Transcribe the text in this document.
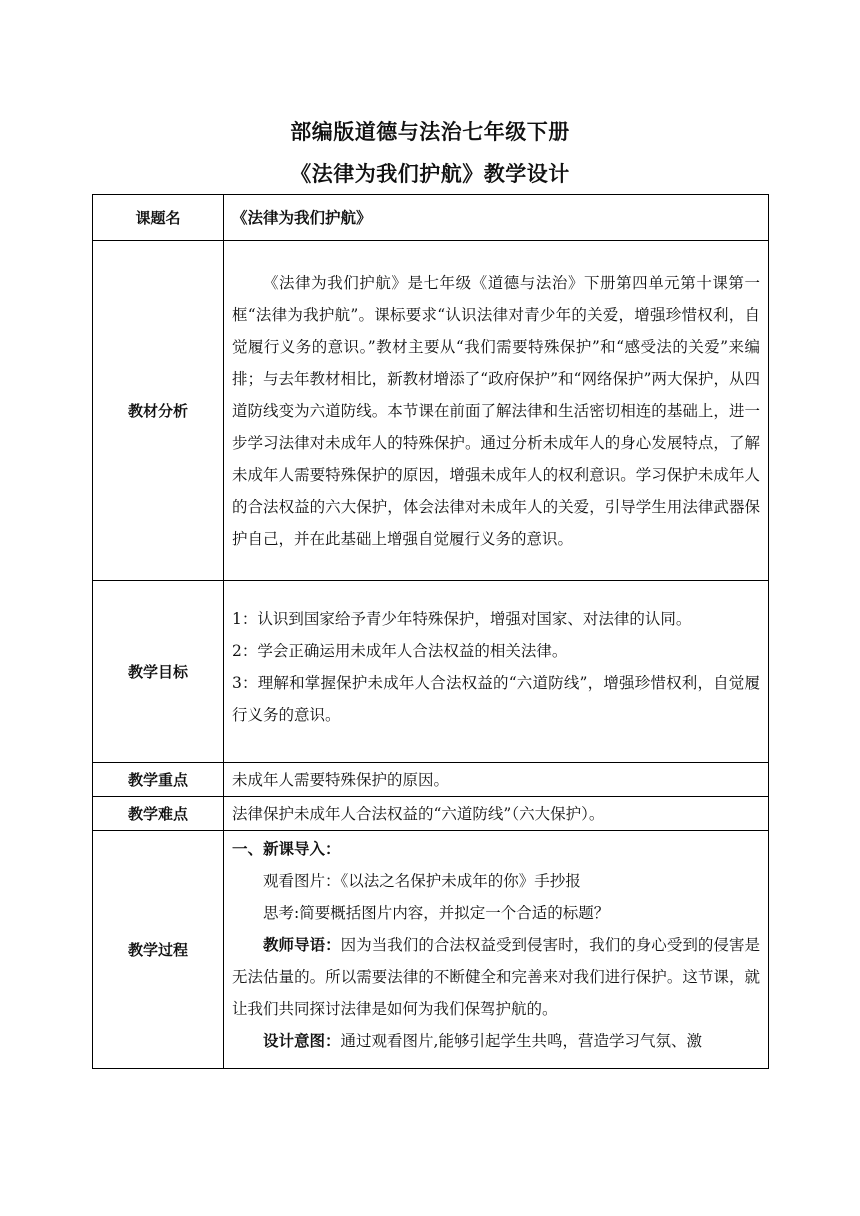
部编版道德与法治七年级下册
《法律为我们护航》教学设计
课题名	《法律为我们护航》
教材分析	《法律为我们护航》是七年级《道德与法治》下册第四单元第十课第一框“法律为我护航”。课标要求“认识法律对青少年的关爱，增强珍惜权利，自觉履行义务的意识。”教材主要从“我们需要特殊保护”和“感受法的关爱”来编排；与去年教材相比，新教材增添了“政府保护”和“网络保护”两大保护，从四道防线变为六道防线。本节课在前面了解法律和生活密切相连的基础上，进一步学习法律对未成年人的特殊保护。通过分析未成年人的身心发展特点，了解未成年人需要特殊保护的原因，增强未成年人的权利意识。学习保护未成年人的合法权益的六大保护，体会法律对未成年人的关爱，引导学生用法律武器保护自己，并在此基础上增强自觉履行义务的意识。

教学目标	1：认识到国家给予青少年特殊保护，增强对国家、对法律的认同。

2：学会正确运用未成年人合法权益的相关法律。

3：理解和掌握保护未成年人合法权益的“六道防线”，增强珍惜权利，自觉履行义务的意识。

教学重点	未成年人需要特殊保护的原因。
教学难点	法律保护未成年人合法权益的“六道防线”（六大保护）。
教学过程	一、新课导入：

观看图片：《以法之名保护未成年的你》手抄报

思考:简要概括图片内容，并拟定一个合适的标题？

教师导语：因为当我们的合法权益受到侵害时，我们的身心受到的侵害是无法估量的。所以需要法律的不断健全和完善来对我们进行保护。这节课，就让我们共同探讨法律是如何为我们保驾护航的。

设计意图：通过观看图片,能够引起学生共鸣，营造学习气氛、激
